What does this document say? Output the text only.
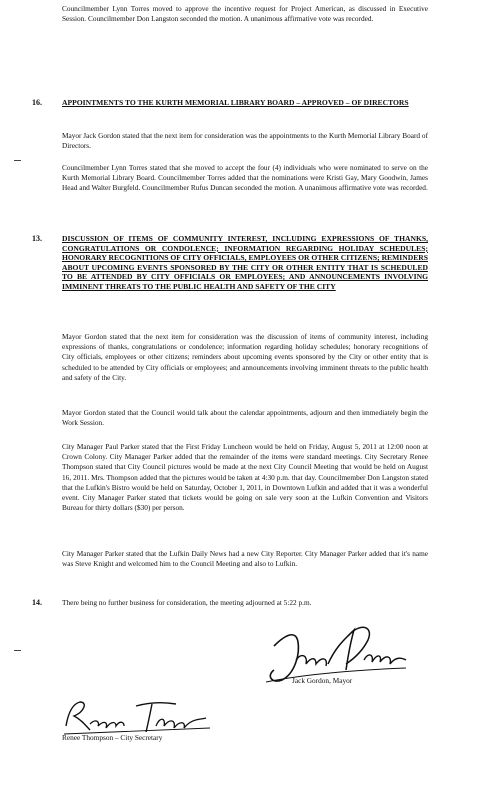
Councilmember Lynn Torres moved to approve the incentive request for Project American, as discussed in Executive Session. Councilmember Don Langston seconded the motion. A unanimous affirmative vote was recorded.

16.	APPOINTMENTS TO THE KURTH MEMORIAL LIBRARY BOARD – APPROVED – OF DIRECTORS

Mayor Jack Gordon stated that the next item for consideration was the appointments to the Kurth Memorial Library Board of Directors.

Councilmember Lynn Torres stated that she moved to accept the four (4) individuals who were nominated to serve on the Kurth Memorial Library Board. Councilmember Torres added that the nominations were Kristi Gay, Mary Goodwin, James Head and Walter Burgfeld. Councilmember Rufus Duncan seconded the motion. A unanimous affirmative vote was recorded.

13.	DISCUSSION OF ITEMS OF COMMUNITY INTEREST, INCLUDING EXPRESSIONS OF THANKS, CONGRATULATIONS OR CONDOLENCE; INFORMATION REGARDING HOLIDAY SCHEDULES; HONORARY RECOGNITIONS OF CITY OFFICIALS, EMPLOYEES OR OTHER CITIZENS; REMINDERS ABOUT UPCOMING EVENTS SPONSORED BY THE CITY OR OTHER ENTITY THAT IS SCHEDULED TO BE ATTENDED BY CITY OFFICIALS OR EMPLOYEES; AND ANNOUNCEMENTS INVOLVING IMMINENT THREATS TO THE PUBLIC HEALTH AND SAFETY OF THE CITY

Mayor Gordon stated that the next item for consideration was the discussion of items of community interest, including expressions of thanks, congratulations or condolence; information regarding holiday schedules; honorary recognitions of City officials, employees or other citizens; reminders about upcoming events sponsored by the City or other entity that is scheduled to be attended by City officials or employees; and announcements involving imminent threats to the public health and safety of the City.

Mayor Gordon stated that the Council would talk about the calendar appointments, adjourn and then immediately begin the Work Session.

City Manager Paul Parker stated that the First Friday Luncheon would be held on Friday, August 5, 2011 at 12:00 noon at Crown Colony. City Manager Parker added that the remainder of the items were standard meetings. City Secretary Renee Thompson stated that City Council pictures would be made at the next City Council Meeting that would be held on August 16, 2011. Mrs. Thompson added that the pictures would be taken at 4:30 p.m. that day. Councilmember Don Langston stated that the Lufkin's Bistro would be held on Saturday, October 1, 2011, in Downtown Lufkin and added that it was a wonderful event. City Manager Parker stated that tickets would be going on sale very soon at the Lufkin Convention and Visitors Bureau for thirty dollars ($30) per person.

City Manager Parker stated that the Lufkin Daily News had a new City Reporter. City Manager Parker added that it's name was Steve Knight and welcomed him to the Council Meeting and also to Lufkin.

14.	There being no further business for consideration, the meeting adjourned at 5:22 p.m.

Jack Gordon, Mayor
Renee Thompson – City Secretary
